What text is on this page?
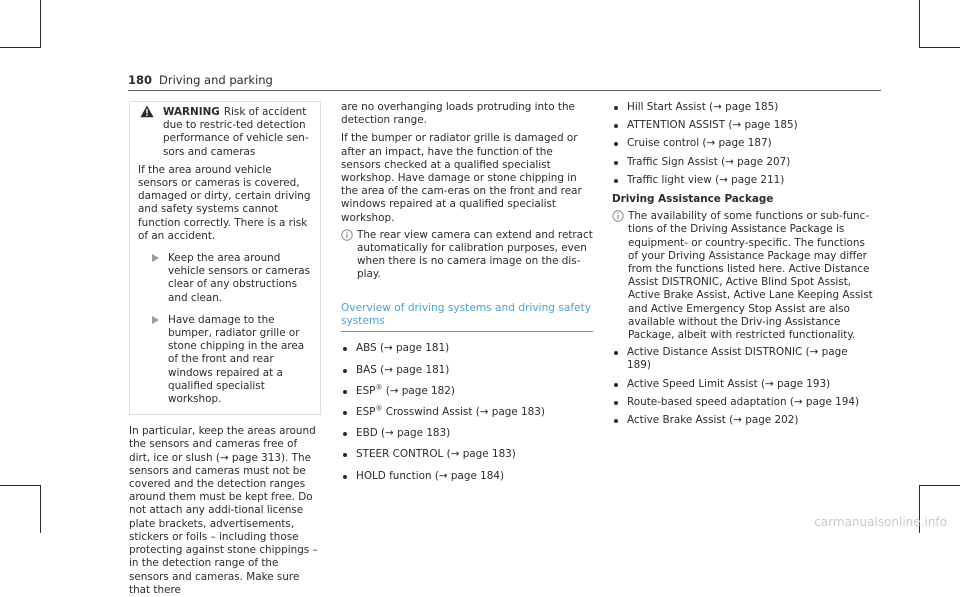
180 Driving and parking
WARNING Risk of accident due to restric-ted detection performance of vehicle sen-sors and cameras

If the area around vehicle sensors or cameras is covered, damaged or dirty, certain driving and safety systems cannot function correctly. There is a risk of an accident.

Keep the area around vehicle sensors or cameras clear of any obstructions and clean.
Have damage to the bumper, radiator grille or stone chipping in the area of the front and rear windows repaired at a qualified specialist workshop.

In particular, keep the areas around the sensors and cameras free of dirt, ice or slush (→ page 313). The sensors and cameras must not be covered and the detection ranges around them must be kept free. Do not attach any addi-tional license plate brackets, advertisements, stickers or foils – including those protecting against stone chippings – in the detection range of the sensors and cameras. Make sure that there

are no overhanging loads protruding into the detection range.

If the bumper or radiator grille is damaged or after an impact, have the function of the sensors checked at a qualified specialist workshop. Have damage or stone chipping in the area of the cam-eras on the front and rear windows repaired at a qualified specialist workshop.

The rear view camera can extend and retract automatically for calibration purposes, even when there is no camera image on the dis-play.
Overview of driving systems and driving safety systems
ABS (→ page 181)
BAS (→ page 181)
ESP® (→ page 182)
ESP® Crosswind Assist (→ page 183)
EBD (→ page 183)
STEER CONTROL (→ page 183)
HOLD function (→ page 184)
Hill Start Assist (→ page 185)
ATTENTION ASSIST (→ page 185)
Cruise control (→ page 187)
Traffic Sign Assist (→ page 207)
Traffic light view (→ page 211)
Driving Assistance Package
The availability of some functions or sub-func-tions of the Driving Assistance Package is equipment- or country-specific. The functions of your Driving Assistance Package may differ from the functions listed here. Active Distance Assist DISTRONIC, Active Blind Spot Assist, Active Brake Assist, Active Lane Keeping Assist and Active Emergency Stop Assist are also available without the Driv-ing Assistance Package, albeit with restricted functionality.
Active Distance Assist DISTRONIC (→ page 189)
Active Speed Limit Assist (→ page 193)
Route-based speed adaptation (→ page 194)
Active Brake Assist (→ page 202)
carmanualsonline.info
